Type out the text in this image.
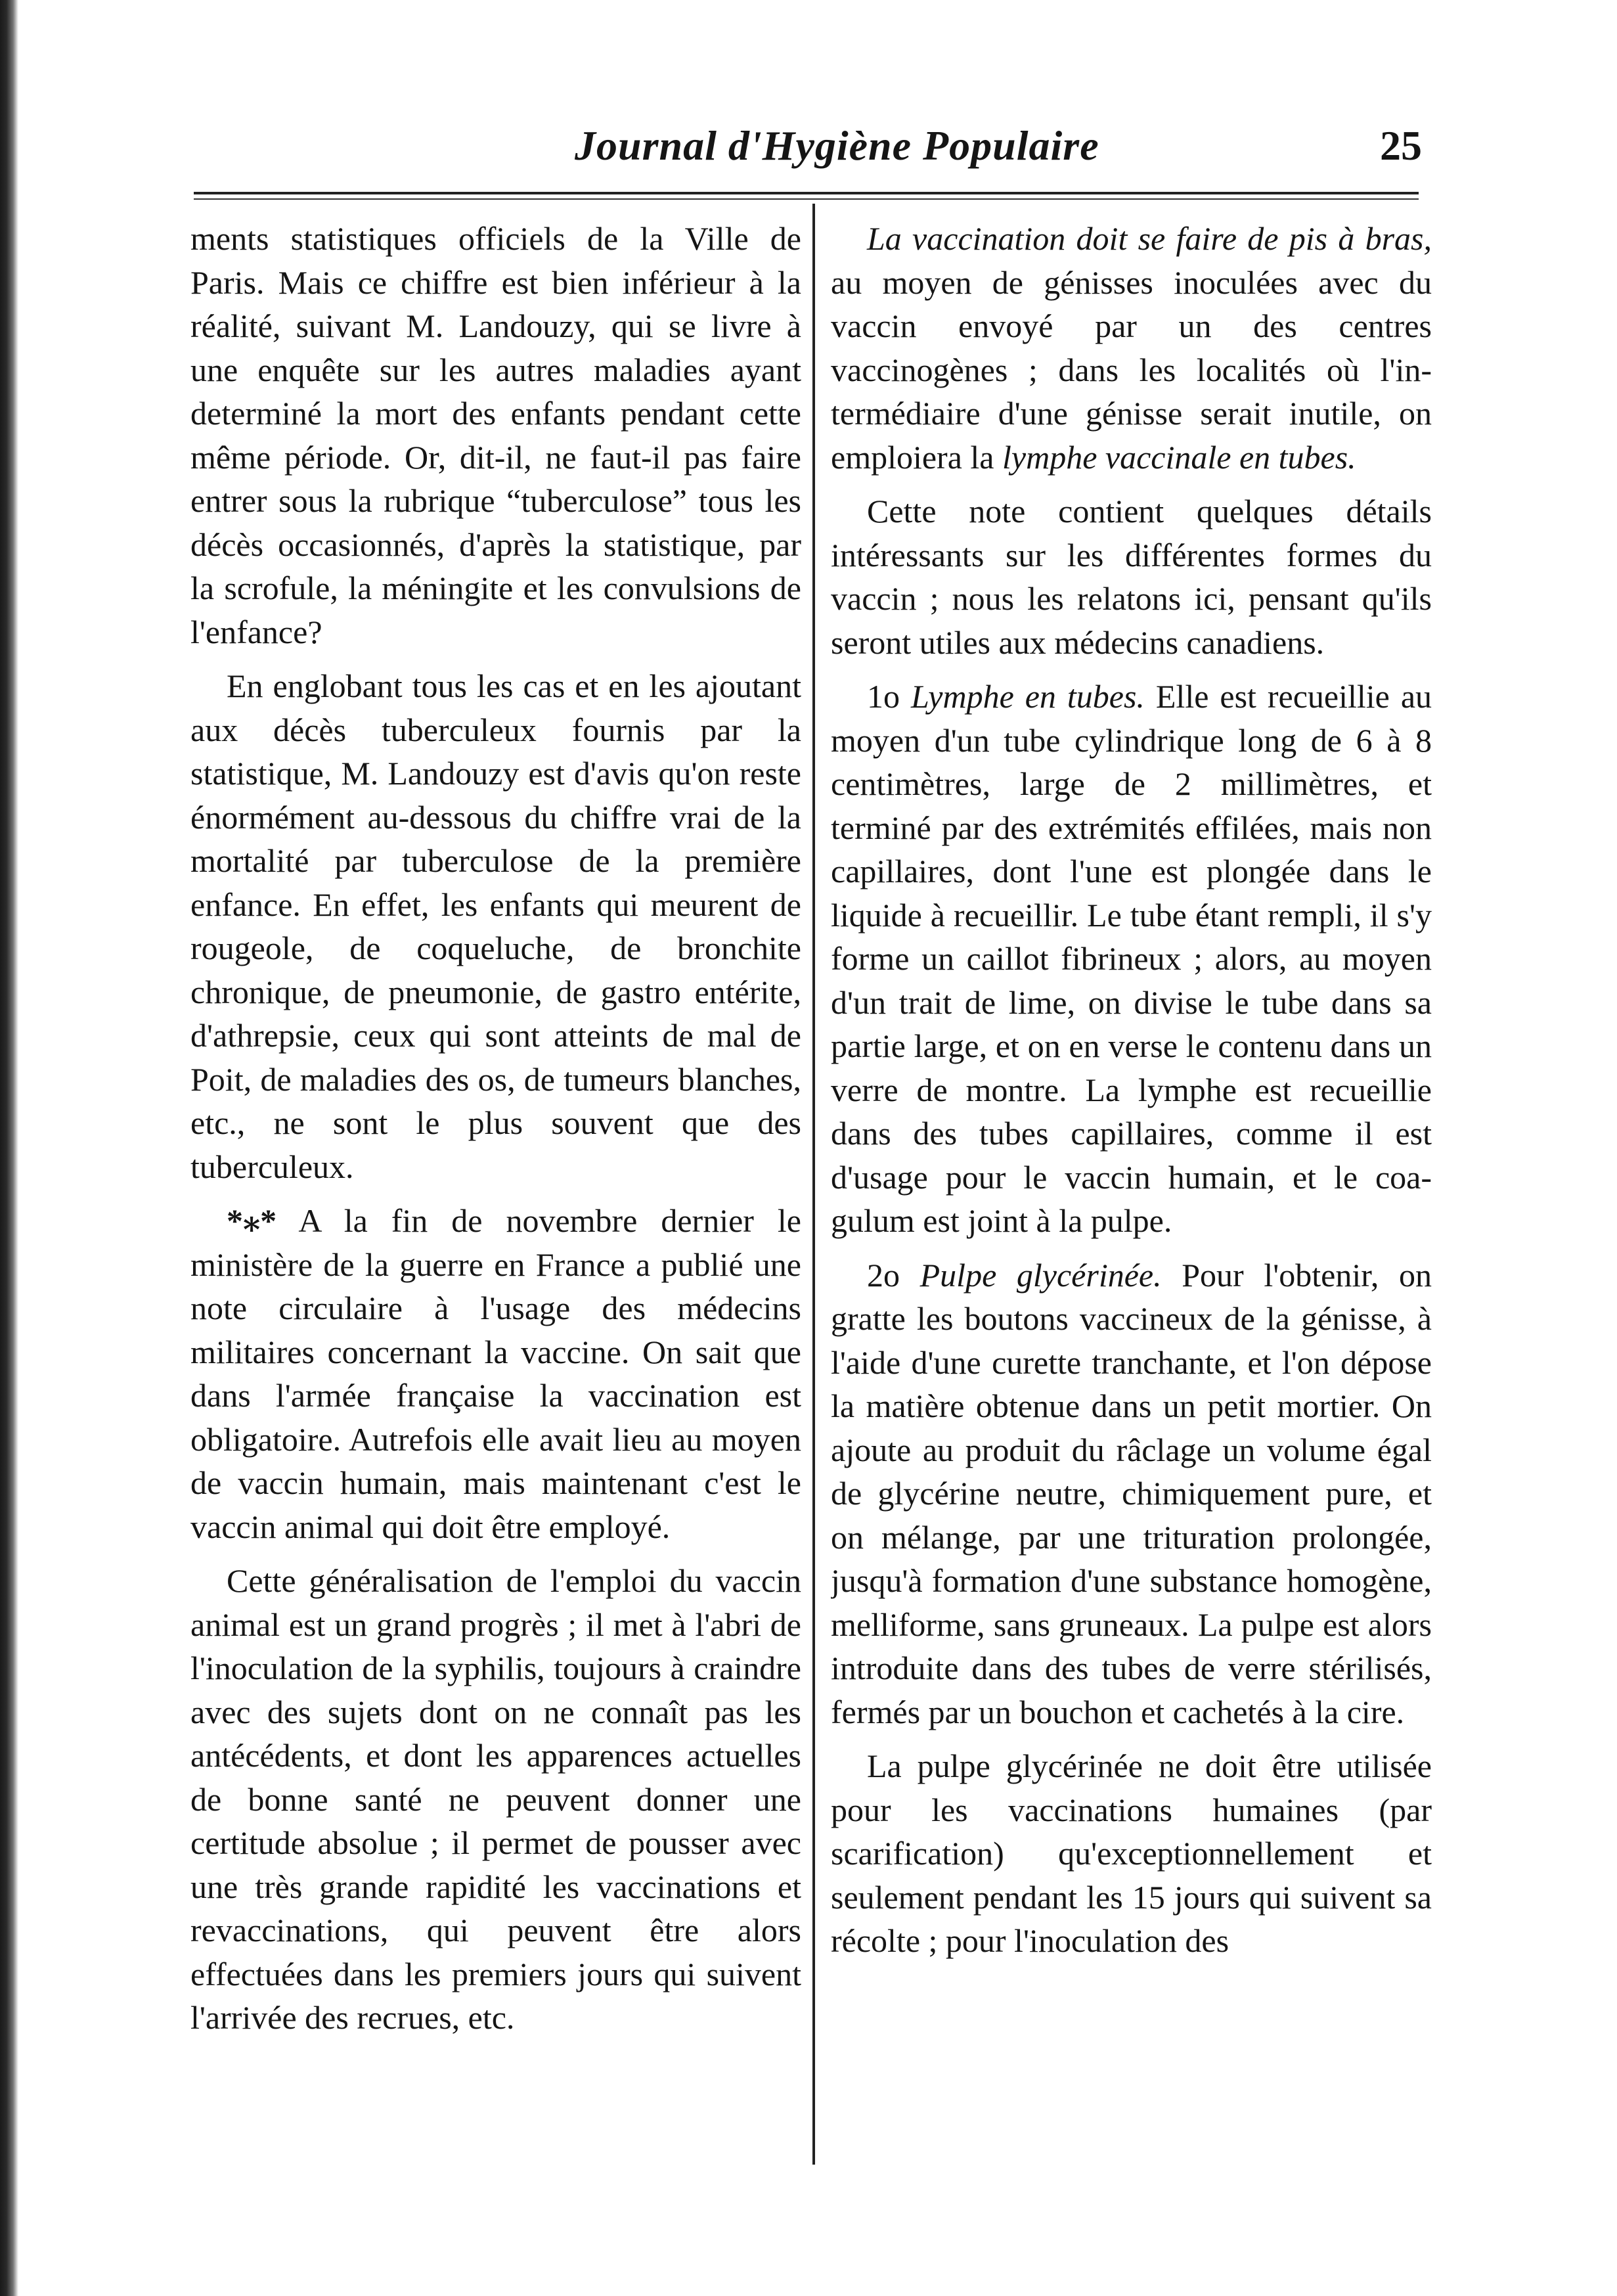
Journal d'Hygiène Populaire	25

ments statistiques officiels de la Ville de Paris. Mais ce chiffre est bien inférieur à la réalité, suivant M. Landouzy, qui se livre à une enquête sur les autres maladies ayant determiné la mort des enfants pendant cette même période. Or, dit-il, ne faut-il pas faire entrer sous la rubrique “tuberculose” tous les décès occasionnés, d'après la statistique, par la scrofule, la méningite et les convulsions de l'enfance?

En englobant tous les cas et en les ajoutant aux décès tuberculeux fournis par la statistique, M. Landouzy est d'avis qu'on reste énormément au-dessous du chiffre vrai de la mortalité par tuberculose de la première enfance. En effet, les enfants qui meurent de rougeole, de coqueluche, de bronchite chronique, de pneumonie, de gastro entérite, d'athrepsie, ceux qui sont atteints de mal de Poit, de maladies des os, de tumeurs blanches, etc., ne sont le plus souvent que des tuberculeux.

*⁎* A la fin de novembre dernier le ministère de la guerre en France a publié une note circulaire à l'usage des médecins militaires concernant la vaccine. On sait que dans l'armée française la vaccination est obligatoire. Autrefois elle avait lieu au moyen de vaccin humain, mais maintenant c'est le vaccin animal qui doit être employé.

Cette généralisation de l'emploi du vaccin animal est un grand progrès ; il met à l'abri de l'inoculation de la syphilis, toujours à craindre avec des sujets dont on ne connaît pas les antécédents, et dont les apparences actuelles de bonne santé ne peuvent donner une certitude absolue ; il permet de pousser avec une très grande rapidité les vaccinations et revaccinations, qui peuvent être alors effectuées dans les premiers jours qui suivent l'arrivée des recrues, etc.

La vaccination doit se faire de pis à bras, au moyen de génisses inoculées avec du vaccin envoyé par un des centres vaccinogènes ; dans les localités où l'intermédiaire d'une génisse serait inutile, on emploiera la lymphe vaccinale en tubes.

Cette note contient quelques détails intéressants sur les différentes formes du vaccin ; nous les relatons ici, pensant qu'ils seront utiles aux médecins canadiens.

1o Lymphe en tubes. Elle est recueillie au moyen d'un tube cylindrique long de 6 à 8 centimètres, large de 2 millimètres, et terminé par des extrémités effilées, mais non capillaires, dont l'une est plongée dans le liquide à recueillir. Le tube étant rempli, il s'y forme un caillot fibrineux ; alors, au moyen d'un trait de lime, on divise le tube dans sa partie large, et on en verse le contenu dans un verre de montre. La lymphe est recueillie dans des tubes capillaires, comme il est d'usage pour le vaccin humain, et le coagulum est joint à la pulpe.

2o Pulpe glycérinée. Pour l'obtenir, on gratte les boutons vaccineux de la génisse, à l'aide d'une curette tranchante, et l'on dépose la matière obtenue dans un petit mortier. On ajoute au produit du râclage un volume égal de glycérine neutre, chimiquement pure, et on mélange, par une trituration prolongée, jusqu'à formation d'une substance homogène, melliforme, sans gruneaux. La pulpe est alors introduite dans des tubes de verre stérilisés, fermés par un bouchon et cachetés à la cire.

La pulpe glycérinée ne doit être utilisée pour les vaccinations humaines (par scarification) qu'exceptionnellement et seulement pendant les 15 jours qui suivent sa récolte ; pour l'inoculation des
